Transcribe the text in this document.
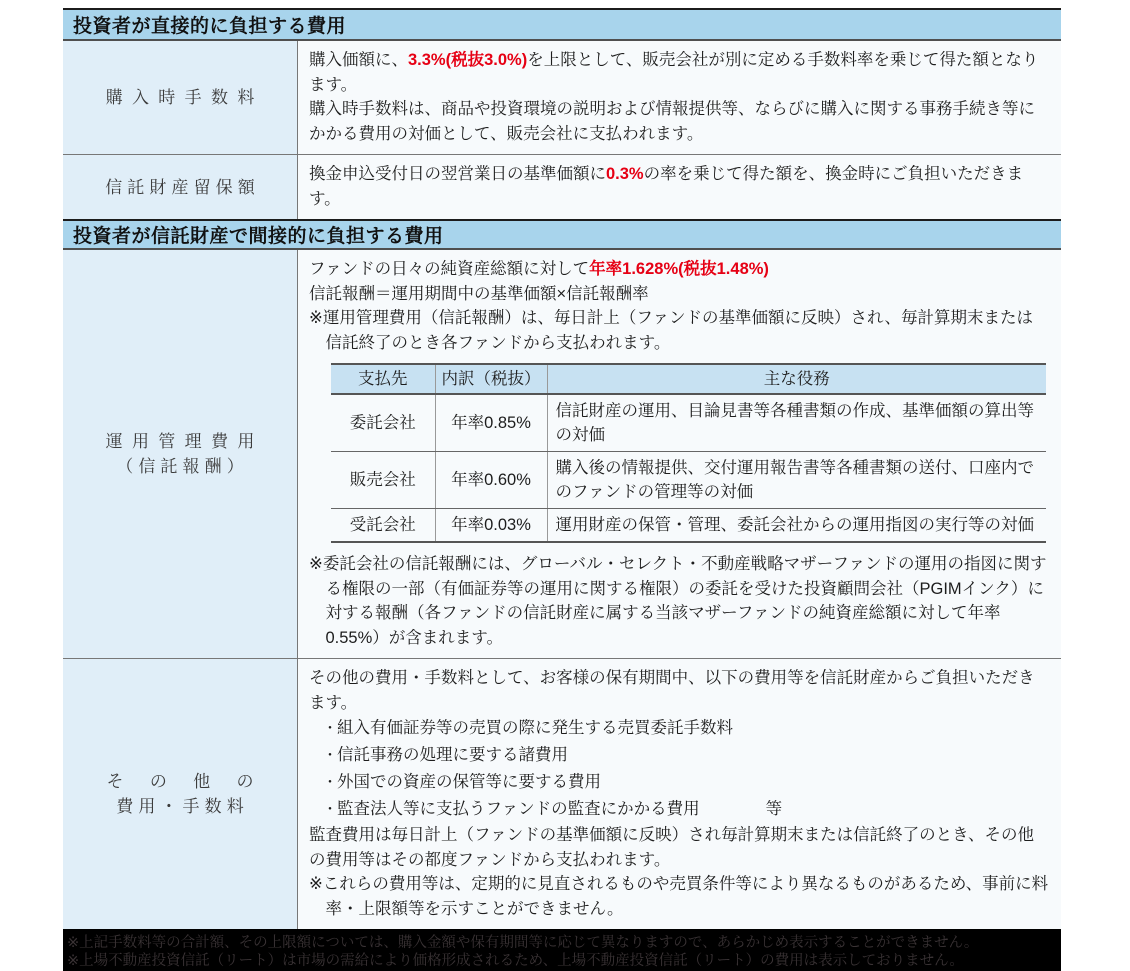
投資者が直接的に負担する費用
購入時手数料

購入価額に、3.3%(税抜3.0%)を上限として、販売会社が別に定める手数料率を乗じて得た額となります。

購入時手数料は、商品や投資環境の説明および情報提供等、ならびに購入に関する事務手続き等にかかる費用の対価として、販売会社に支払われます。

信託財産留保額

換金申込受付日の翌営業日の基準価額に0.3%の率を乗じて得た額を、換金時にご負担いただきます。

投資者が信託財産で間接的に負担する費用
運用管理費用
（信託報酬）

ファンドの日々の純資産総額に対して年率1.628%(税抜1.48%)

信託報酬＝運用期間中の基準価額×信託報酬率

※運用管理費用（信託報酬）は、毎日計上（ファンドの基準価額に反映）され、毎計算期末または信託終了のとき各ファンドから支払われます。

支払先	内訳（税抜）	主な役務
委託会社	年率0.85%	信託財産の運用、目論見書等各種書類の作成、基準価額の算出等の対価
販売会社	年率0.60%	購入後の情報提供、交付運用報告書等各種書類の送付、口座内でのファンドの管理等の対価
受託会社	年率0.03%	運用財産の保管・管理、委託会社からの運用指図の実行等の対価

※委託会社の信託報酬には、グローバル・セレクト・不動産戦略マザーファンドの運用の指図に関する権限の一部（有価証券等の運用に関する権限）の委託を受けた投資顧問会社（PGIMインク）に対する報酬（各ファンドの信託財産に属する当該マザーファンドの純資産総額に対して年率0.55%）が含まれます。

その他の
費用・手数料

その他の費用・手数料として、お客様の保有期間中、以下の費用等を信託財産からご負担いただきます。

・ 組入有価証券等の売買の際に発生する売買委託手数料
・ 信託事務の処理に要する諸費用
・ 外国での資産の保管等に要する費用
・ 監査法人等に支払うファンドの監査にかかる費用　　　　等

監査費用は毎日計上（ファンドの基準価額に反映）され毎計算期末または信託終了のとき、その他の費用等はその都度ファンドから支払われます。

※これらの費用等は、定期的に見直されるものや売買条件等により異なるものがあるため、事前に料率・上限額等を示すことができません。

※上記手数料等の合計額、その上限額については、購入金額や保有期間等に応じて異なりますので、あらかじめ表示することができません。
※上場不動産投資信託（リート）は市場の需給により価格形成されるため、上場不動産投資信託（リート）の費用は表示しておりません。
